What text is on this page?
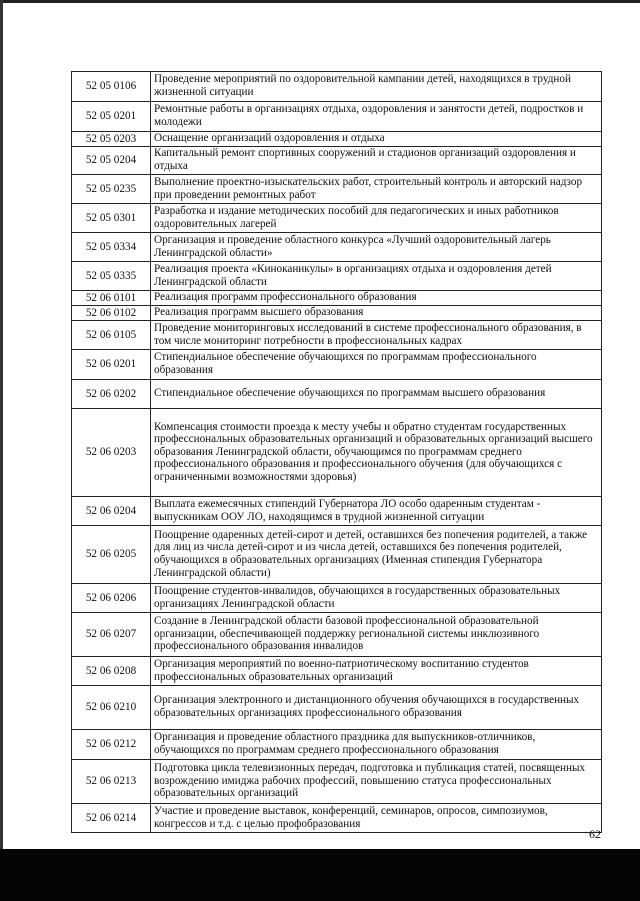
52 05 0106	Проведение мероприятий по оздоровительной кампании детей, находящихся в трудной жизненной ситуации
52 05 0201	Ремонтные работы в организациях отдыха, оздоровления и занятости детей, подростков и молодежи
52 05 0203	Оснащение организаций оздоровления и отдыха
52 05 0204	Капитальный ремонт спортивных сооружений и стадионов организаций оздоровления и отдыха
52 05 0235	Выполнение проектно-изыскательских работ, строительный контроль и авторский надзор при проведении ремонтных работ
52 05 0301	Разработка и издание методических пособий для педагогических и иных работников оздоровительных лагерей
52 05 0334	Организация и проведение областного конкурса «Лучший оздоровительный лагерь Ленинградской области»
52 05 0335	Реализация проекта «Киноканикулы» в организациях отдыха и оздоровления детей Ленинградской области
52 06 0101	Реализация программ профессионального образования
52 06 0102	Реализация программ высшего образования
52 06 0105	Проведение мониторинговых исследований в системе профессионального образования, в том числе мониторинг потребности в профессиональных кадрах
52 06 0201	Стипендиальное обеспечение обучающихся по программам профессионального образования
52 06 0202	Стипендиальное обеспечение обучающихся по программам высшего образования
52 06 0203	Компенсация стоимости проезда к месту учебы и обратно студентам государственных профессиональных образовательных организаций и образовательных организаций высшего образования Ленинградской области, обучающимся по программам среднего профессионального образования и профессионального обучения (для обучающихся с ограниченными возможностями здоровья)
52 06 0204	Выплата ежемесячных стипендий Губернатора ЛО особо одаренным студентам - выпускникам ООУ ЛО, находящимся в трудной жизненной ситуации
52 06 0205	Поощрение одаренных детей-сирот и детей, оставшихся без попечения родителей, а также для лиц из числа детей-сирот и из числа детей, оставшихся без попечения родителей, обучающихся в образовательных организациях (Именная стипендия Губернатора Ленинградской области)
52 06 0206	Поощрение студентов-инвалидов, обучающихся в государственных образовательных организациях Ленинградской области
52 06 0207	Создание в Ленинградской области базовой профессиональной образовательной организации, обеспечивающей поддержку региональной системы инклюзивного профессионального образования инвалидов
52 06 0208	Организация мероприятий по военно-патриотическому воспитанию студентов профессиональных образовательных организаций
52 06 0210	Организация электронного и дистанционного обучения обучающихся в государственных образовательных организациях профессионального образования
52 06 0212	Организация и проведение областного праздника для выпускников-отличников, обучающихся по программам среднего профессионального образования
52 06 0213	Подготовка цикла телевизионных передач, подготовка и публикация статей, посвященных возрождению имиджа рабочих профессий, повышению статуса профессиональных образовательных организаций
52 06 0214	Участие и проведение выставок, конференций, семинаров, опросов, симпозиумов, конгрессов и т.д. с целью профобразования
62
